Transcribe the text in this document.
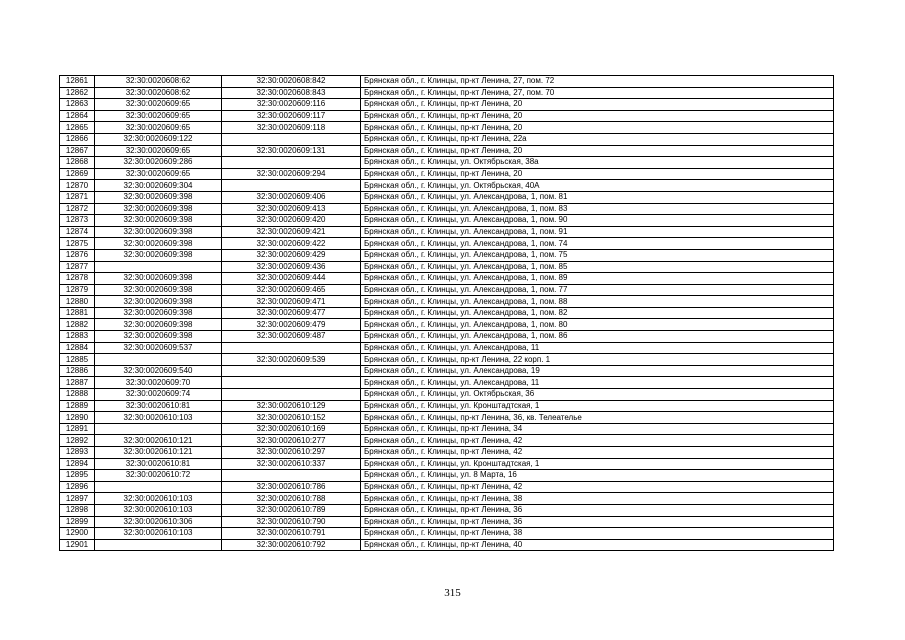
12861	32:30:0020608:62	32:30:0020608:842	Брянская обл., г. Клинцы, пр-кт Ленина, 27, пом. 72
12862	32:30:0020608:62	32:30:0020608:843	Брянская обл., г. Клинцы, пр-кт Ленина, 27, пом. 70
12863	32:30:0020609:65	32:30:0020609:116	Брянская обл., г. Клинцы, пр-кт Ленина, 20
12864	32:30:0020609:65	32:30:0020609:117	Брянская обл., г. Клинцы, пр-кт Ленина, 20
12865	32:30:0020609:65	32:30:0020609:118	Брянская обл., г. Клинцы, пр-кт Ленина, 20
12866	32:30:0020609:122		Брянская обл., г. Клинцы, пр-кт Ленина, 22а
12867	32:30:0020609:65	32:30:0020609:131	Брянская обл., г. Клинцы, пр-кт Ленина, 20
12868	32:30:0020609:286		Брянская обл., г. Клинцы, ул. Октябрьская, 38а
12869	32:30:0020609:65	32:30:0020609:294	Брянская обл., г. Клинцы, пр-кт Ленина, 20
12870	32:30:0020609:304		Брянская обл., г. Клинцы, ул. Октябрьская, 40А
12871	32:30:0020609:398	32:30:0020609:406	Брянская обл., г. Клинцы, ул. Александрова, 1, пом. 81
12872	32:30:0020609:398	32:30:0020609:413	Брянская обл., г. Клинцы, ул. Александрова, 1, пом. 83
12873	32:30:0020609:398	32:30:0020609:420	Брянская обл., г. Клинцы, ул. Александрова, 1, пом. 90
12874	32:30:0020609:398	32:30:0020609:421	Брянская обл., г. Клинцы, ул. Александрова, 1, пом. 91
12875	32:30:0020609:398	32:30:0020609:422	Брянская обл., г. Клинцы, ул. Александрова, 1, пом. 74
12876	32:30:0020609:398	32:30:0020609:429	Брянская обл., г. Клинцы, ул. Александрова, 1, пом. 75
12877		32:30:0020609:436	Брянская обл., г. Клинцы, ул. Александрова, 1, пом. 85
12878	32:30:0020609:398	32:30:0020609:444	Брянская обл., г. Клинцы, ул. Александрова, 1, пом. 89
12879	32:30:0020609:398	32:30:0020609:465	Брянская обл., г. Клинцы, ул. Александрова, 1, пом. 77
12880	32:30:0020609:398	32:30:0020609:471	Брянская обл., г. Клинцы, ул. Александрова, 1, пом. 88
12881	32:30:0020609:398	32:30:0020609:477	Брянская обл., г. Клинцы, ул. Александрова, 1, пом. 82
12882	32:30:0020609:398	32:30:0020609:479	Брянская обл., г. Клинцы, ул. Александрова, 1, пом. 80
12883	32:30:0020609:398	32:30:0020609:487	Брянская обл., г. Клинцы, ул. Александрова, 1, пом. 86
12884	32:30:0020609:537		Брянская обл., г. Клинцы, ул. Александрова, 11
12885		32:30:0020609:539	Брянская обл., г. Клинцы, пр-кт Ленина, 22 корп. 1
12886	32:30:0020609:540		Брянская обл., г. Клинцы, ул. Александрова, 19
12887	32:30:0020609:70		Брянская обл., г. Клинцы, ул. Александрова, 11
12888	32:30:0020609:74		Брянская обл., г. Клинцы, ул. Октябрьская, 36
12889	32:30:0020610:81	32:30:0020610:129	Брянская обл., г. Клинцы, ул. Кронштадтская, 1
12890	32:30:0020610:103	32:30:0020610:152	Брянская обл., г. Клинцы, пр-кт Ленина, 36, кв. Телеателье
12891		32:30:0020610:169	Брянская обл., г. Клинцы, пр-кт Ленина, 34
12892	32:30:0020610:121	32:30:0020610:277	Брянская обл., г. Клинцы, пр-кт Ленина, 42
12893	32:30:0020610:121	32:30:0020610:297	Брянская обл., г. Клинцы, пр-кт Ленина, 42
12894	32:30:0020610:81	32:30:0020610:337	Брянская обл., г. Клинцы, ул. Кронштадтская, 1
12895	32:30:0020610:72		Брянская обл., г. Клинцы, ул. 8 Марта, 16
12896		32:30:0020610:786	Брянская обл., г. Клинцы, пр-кт Ленина, 42
12897	32:30:0020610:103	32:30:0020610:788	Брянская обл., г. Клинцы, пр-кт Ленина, 38
12898	32:30:0020610:103	32:30:0020610:789	Брянская обл., г. Клинцы, пр-кт Ленина, 36
12899	32:30:0020610:306	32:30:0020610:790	Брянская обл., г. Клинцы, пр-кт Ленина, 36
12900	32:30:0020610:103	32:30:0020610:791	Брянская обл., г. Клинцы, пр-кт Ленина, 38
12901		32:30:0020610:792	Брянская обл., г. Клинцы, пр-кт Ленина, 40
315
